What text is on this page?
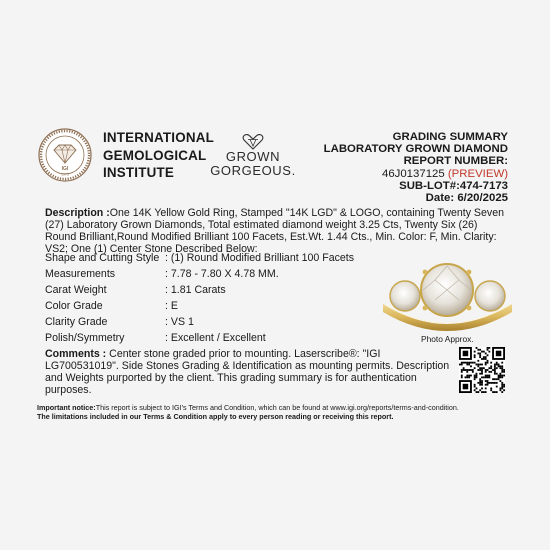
IGI
1975
INTERNATIONAL
GEMOLOGICAL
INSTITUTE
GROWN
GORGEOUS.
GRADING SUMMARY
LABORATORY GROWN DIAMOND
REPORT NUMBER:
46J0137125 (PREVIEW)
SUB-LOT#:474-7173
Date: 6/20/2025
Description :One 14K Yellow Gold Ring, Stamped "14K LGD" & LOGO, containing Twenty Seven (27) Laboratory Grown Diamonds, Total estimated diamond weight 3.25 Cts, Twenty Six (26) Round Brilliant,Round Modified Brilliant 100 Facets, Est.Wt. 1.44 Cts., Min. Color: F, Min. Clarity: VS2; One (1) Center Stone Described Below:
Shape and Cutting Style : (1) Round Modified Brilliant 100 Facets
Measurements	: 7.78 - 7.80 X 4.78 MM.
Carat Weight	: 1.81 Carats
Color Grade	: E
Clarity Grade	: VS 1
Polish/Symmetry	: Excellent / Excellent	Photo Approx.
Comments : Center stone graded prior to mounting. Laserscribe®: "IGI LG700531019". Side Stones Grading & Identification as mounting permits. Description and Weights purported by the client. This grading summary is for authentication purposes.
Important notice:This report is subject to IGI's Terms and Condition, which can be found at www.igi.org/reports/terms-and-condition.
The limitations included in our Terms & Condition apply to every person reading or receiving this report.
